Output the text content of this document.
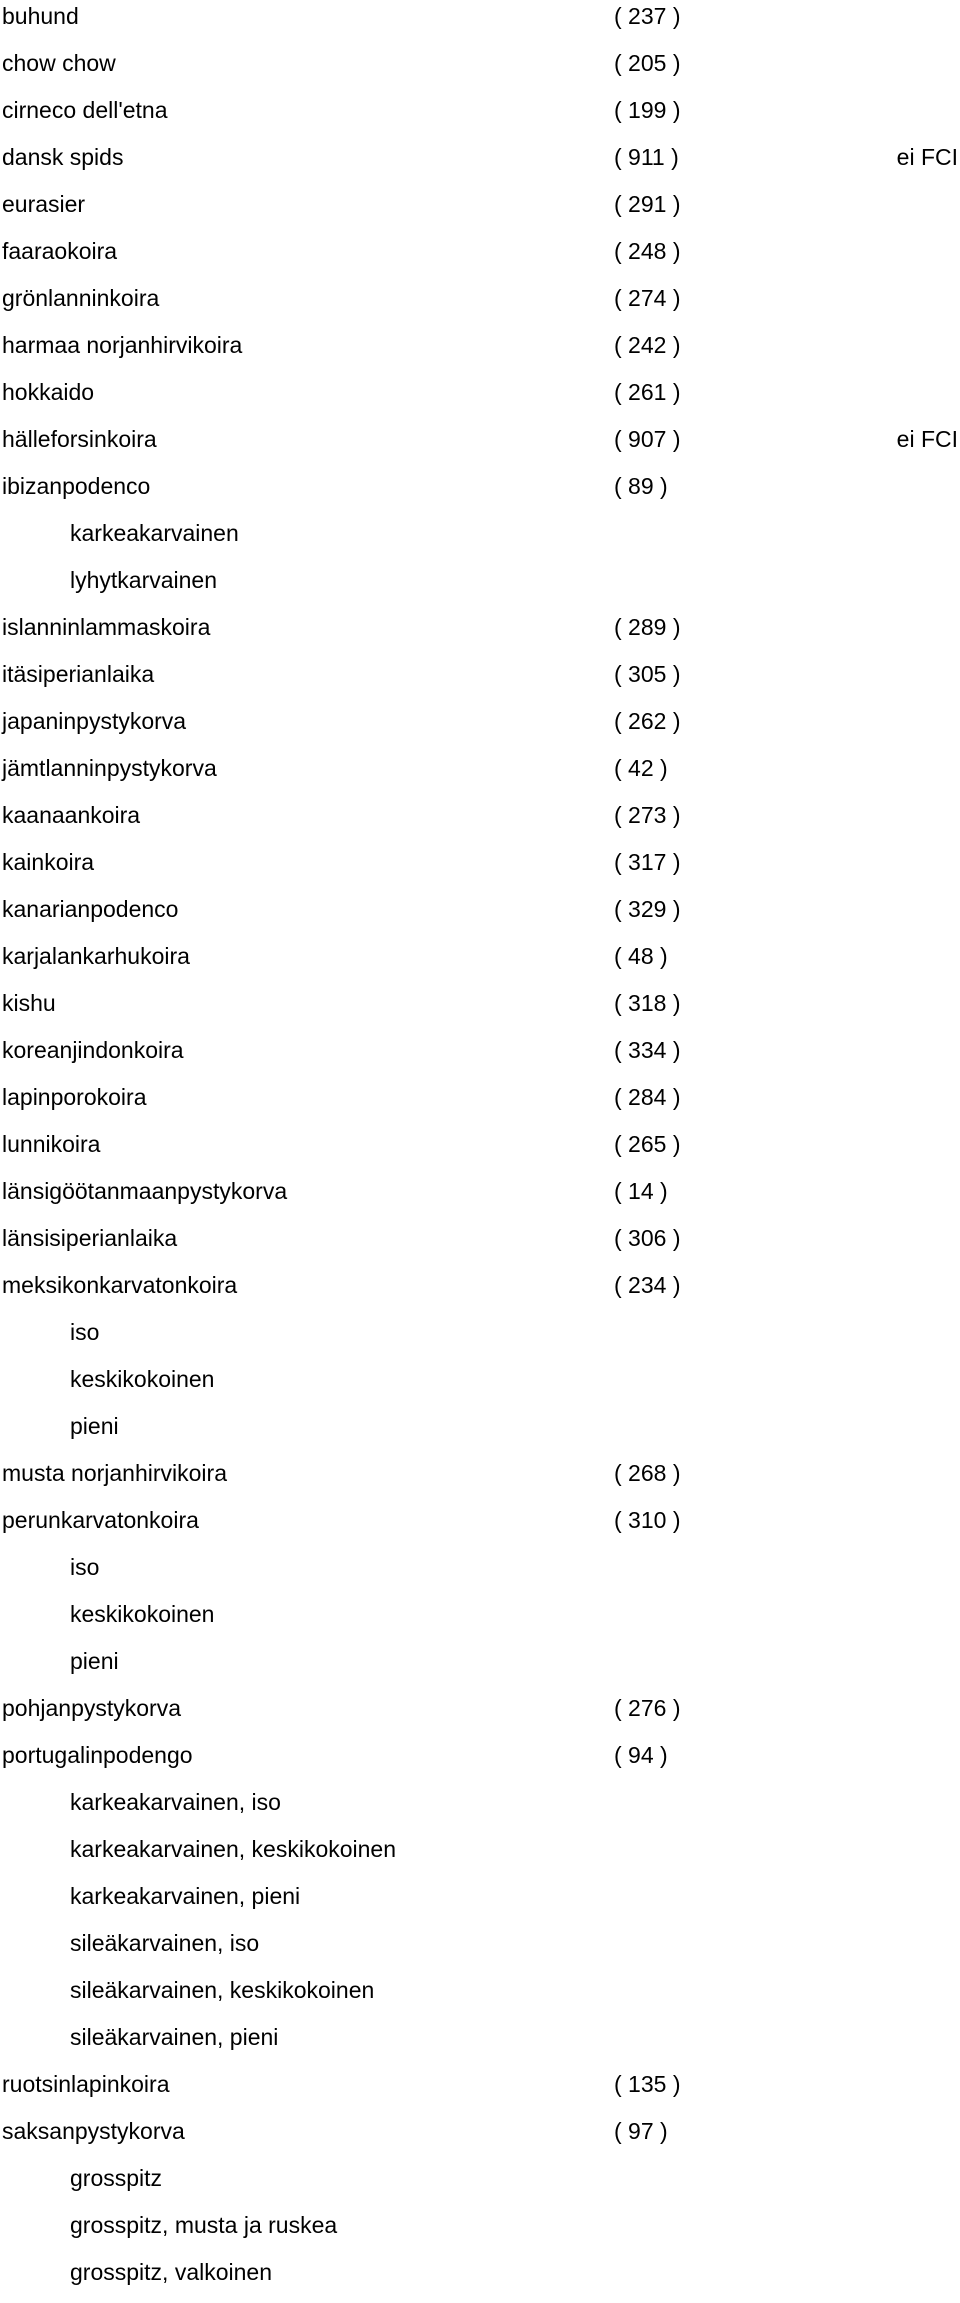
buhund	( 237 )
chow chow	( 205 )
cirneco dell'etna	( 199 )
dansk spids	( 911 )	ei FCI
eurasier	( 291 )
faaraokoira	( 248 )
grönlanninkoira	( 274 )
harmaa norjanhirvikoira	( 242 )
hokkaido	( 261 )
hälleforsinkoira	( 907 )	ei FCI
ibizanpodenco	( 89 )
karkeakarvainen
lyhytkarvainen
islanninlammaskoira	( 289 )
itäsiperianlaika	( 305 )
japaninpystykorva	( 262 )
jämtlanninpystykorva	( 42 )
kaanaankoira	( 273 )
kainkoira	( 317 )
kanarianpodenco	( 329 )
karjalankarhukoira	( 48 )
kishu	( 318 )
koreanjindonkoira	( 334 )
lapinporokoira	( 284 )
lunnikoira	( 265 )
länsigöötanmaanpystykorva	( 14 )
länsisiperianlaika	( 306 )
meksikonkarvatonkoira	( 234 )
iso
keskikokoinen
pieni
musta norjanhirvikoira	( 268 )
perunkarvatonkoira	( 310 )
iso
keskikokoinen
pieni
pohjanpystykorva	( 276 )
portugalinpodengo	( 94 )
karkeakarvainen, iso
karkeakarvainen, keskikokoinen
karkeakarvainen, pieni
sileäkarvainen, iso
sileäkarvainen, keskikokoinen
sileäkarvainen, pieni
ruotsinlapinkoira	( 135 )
saksanpystykorva	( 97 )
grosspitz
grosspitz, musta ja ruskea
grosspitz, valkoinen
